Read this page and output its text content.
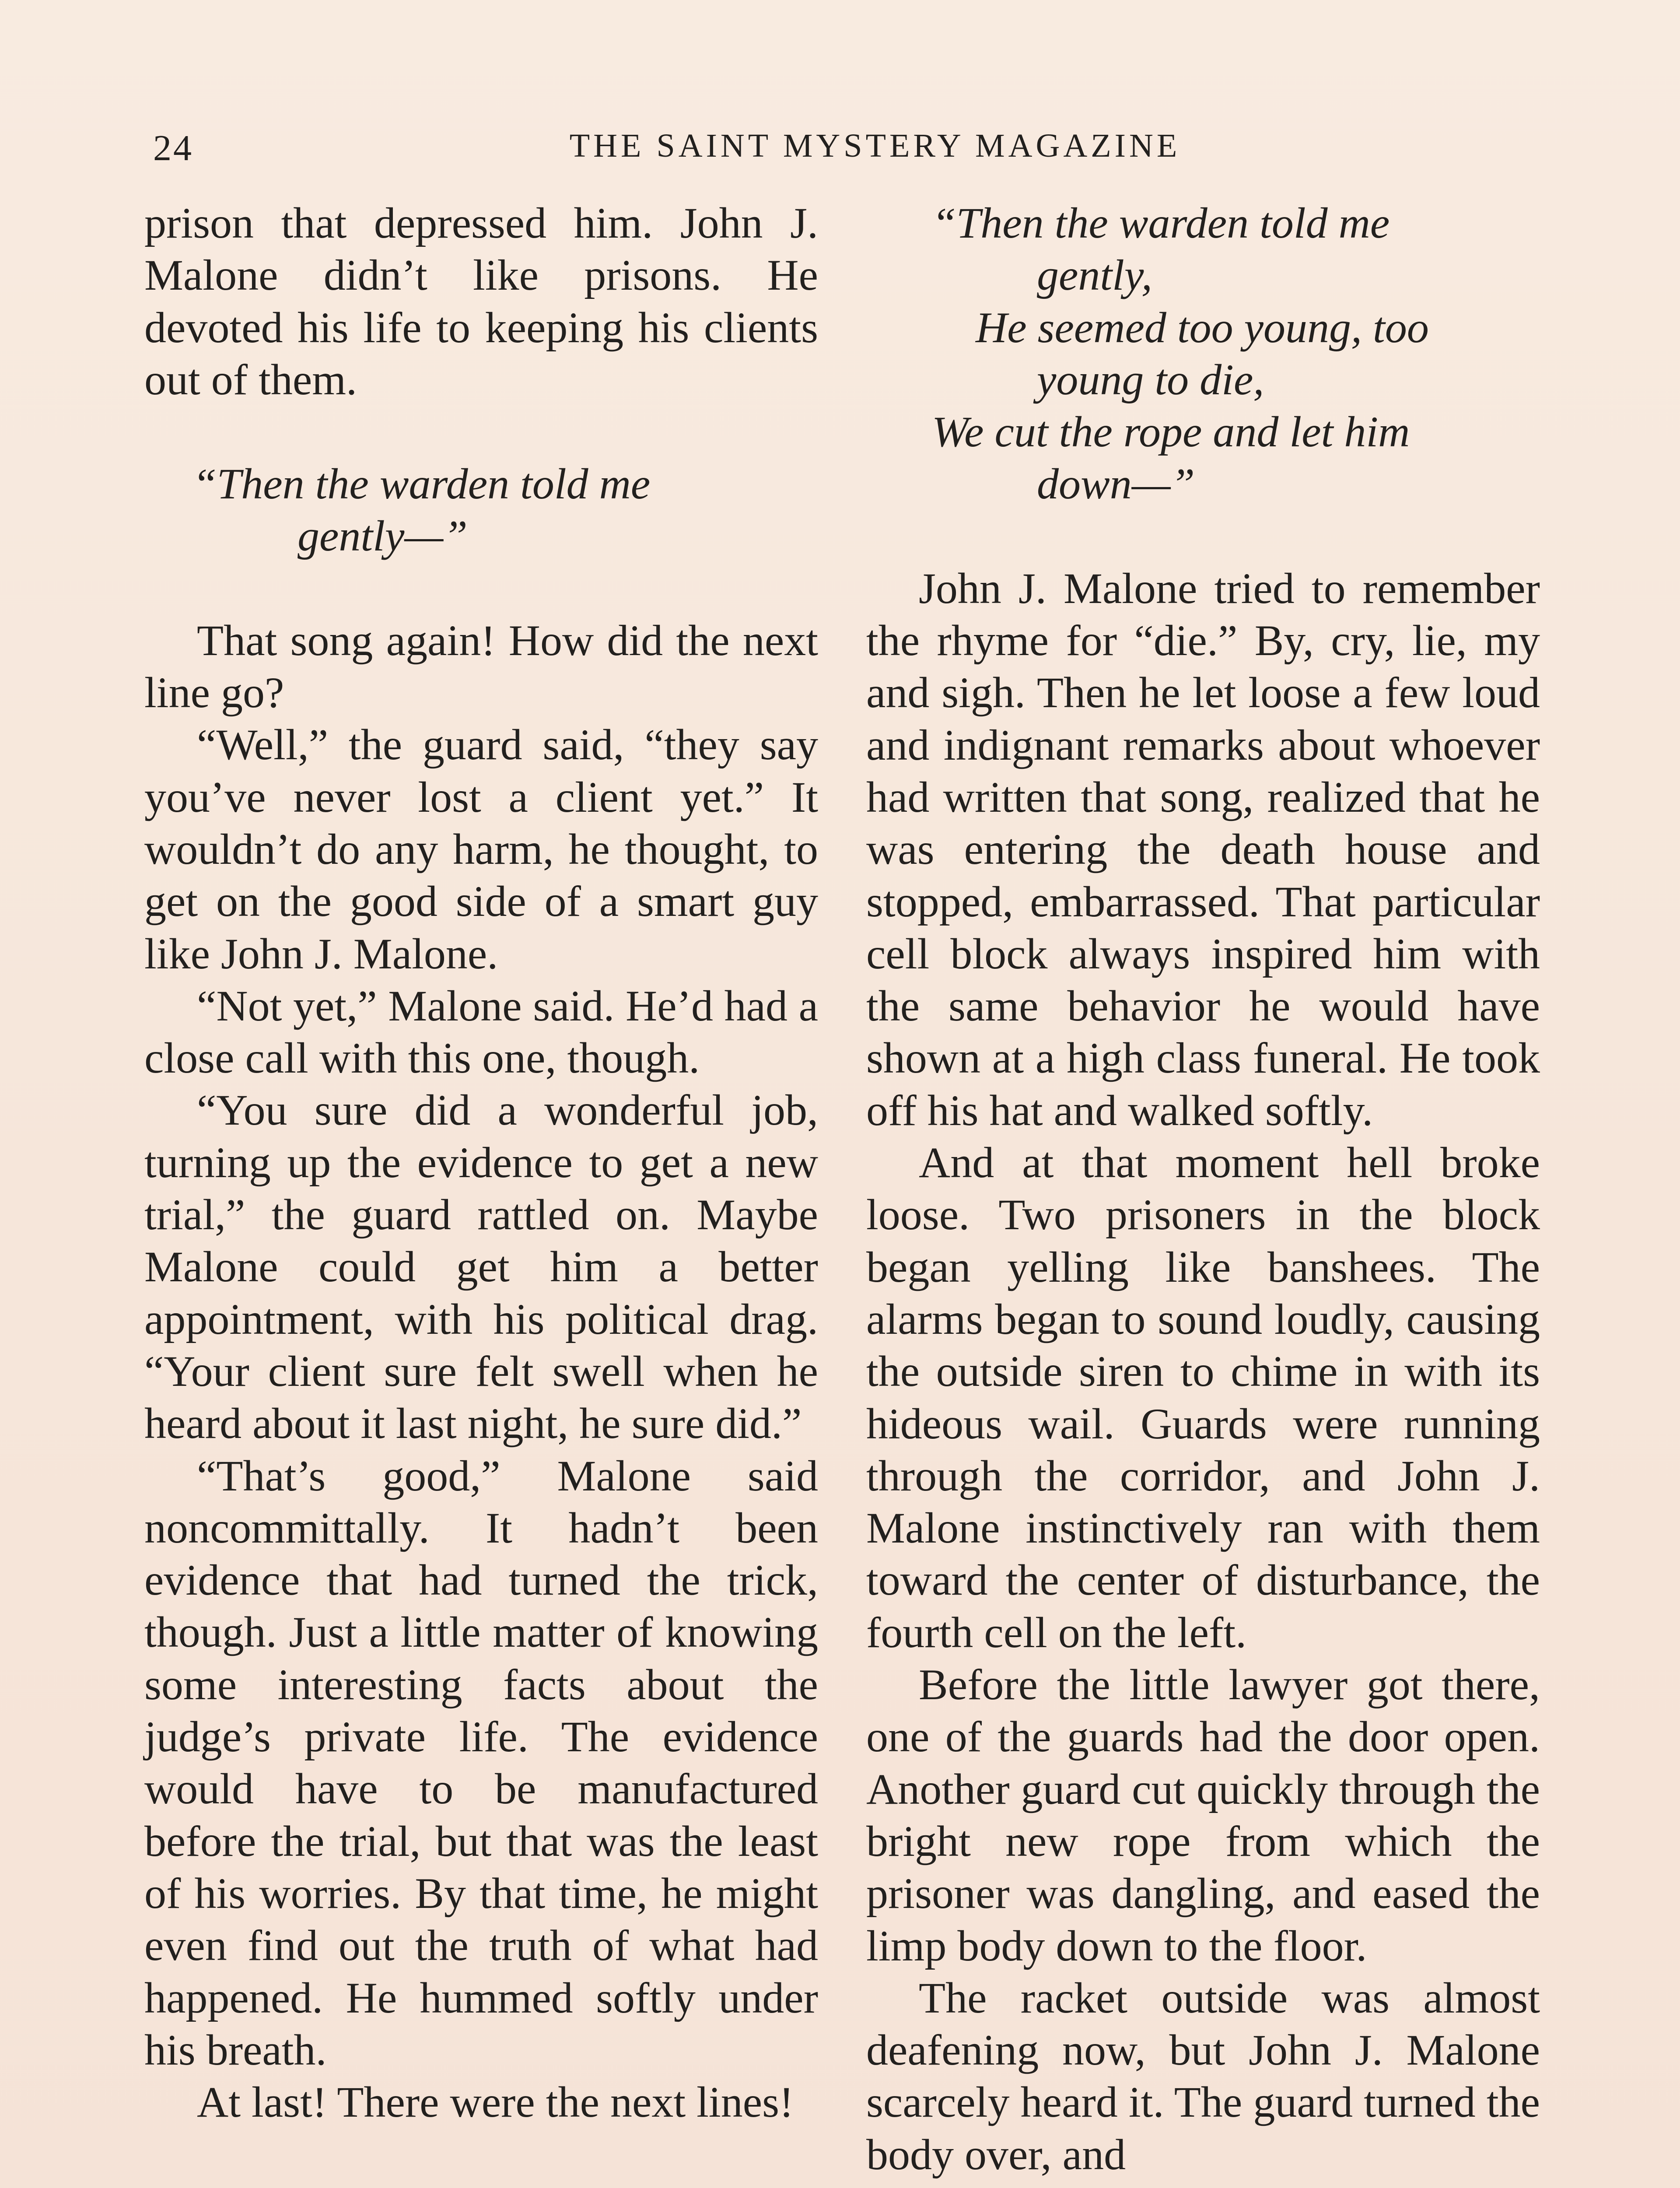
24	THE SAINT MYSTERY MAGAZINE

prison that depressed him. John J. Malone didn’t like prisons. He devoted his life to keeping his clients out of them.

“Then the warden told me
gently—”

That song again! How did the next line go?

“Well,” the guard said, “they say you’ve never lost a client yet.” It wouldn’t do any harm, he thought, to get on the good side of a smart guy like John J. Malone.

“Not yet,” Malone said. He’d had a close call with this one, though.

“You sure did a wonderful job, turning up the evidence to get a new trial,” the guard rattled on. Maybe Malone could get him a better appointment, with his political drag. “Your client sure felt swell when he heard about it last night, he sure did.”

“That’s good,” Malone said noncommittally. It hadn’t been evidence that had turned the trick, though. Just a little matter of knowing some interesting facts about the judge’s private life. The evidence would have to be manufactured before the trial, but that was the least of his worries. By that time, he might even find out the truth of what had happened. He hummed softly under his breath.

At last! There were the next lines!

“Then the warden told me
gently,
He seemed too young, too
young to die,
We cut the rope and let him
down—”

John J. Malone tried to remember the rhyme for “die.” By, cry, lie, my and sigh. Then he let loose a few loud and indignant remarks about whoever had written that song, realized that he was entering the death house and stopped, embarrassed. That particular cell block always inspired him with the same behavior he would have shown at a high class funeral. He took off his hat and walked softly.

And at that moment hell broke loose. Two prisoners in the block began yelling like banshees. The alarms began to sound loudly, causing the outside siren to chime in with its hideous wail. Guards were running through the corridor, and John J. Malone instinctively ran with them toward the center of disturbance, the fourth cell on the left.

Before the little lawyer got there, one of the guards had the door open. Another guard cut quickly through the bright new rope from which the prisoner was dangling, and eased the limp body down to the floor.

The racket outside was almost deafening now, but John J. Malone scarcely heard it. The guard turned the body over, and
